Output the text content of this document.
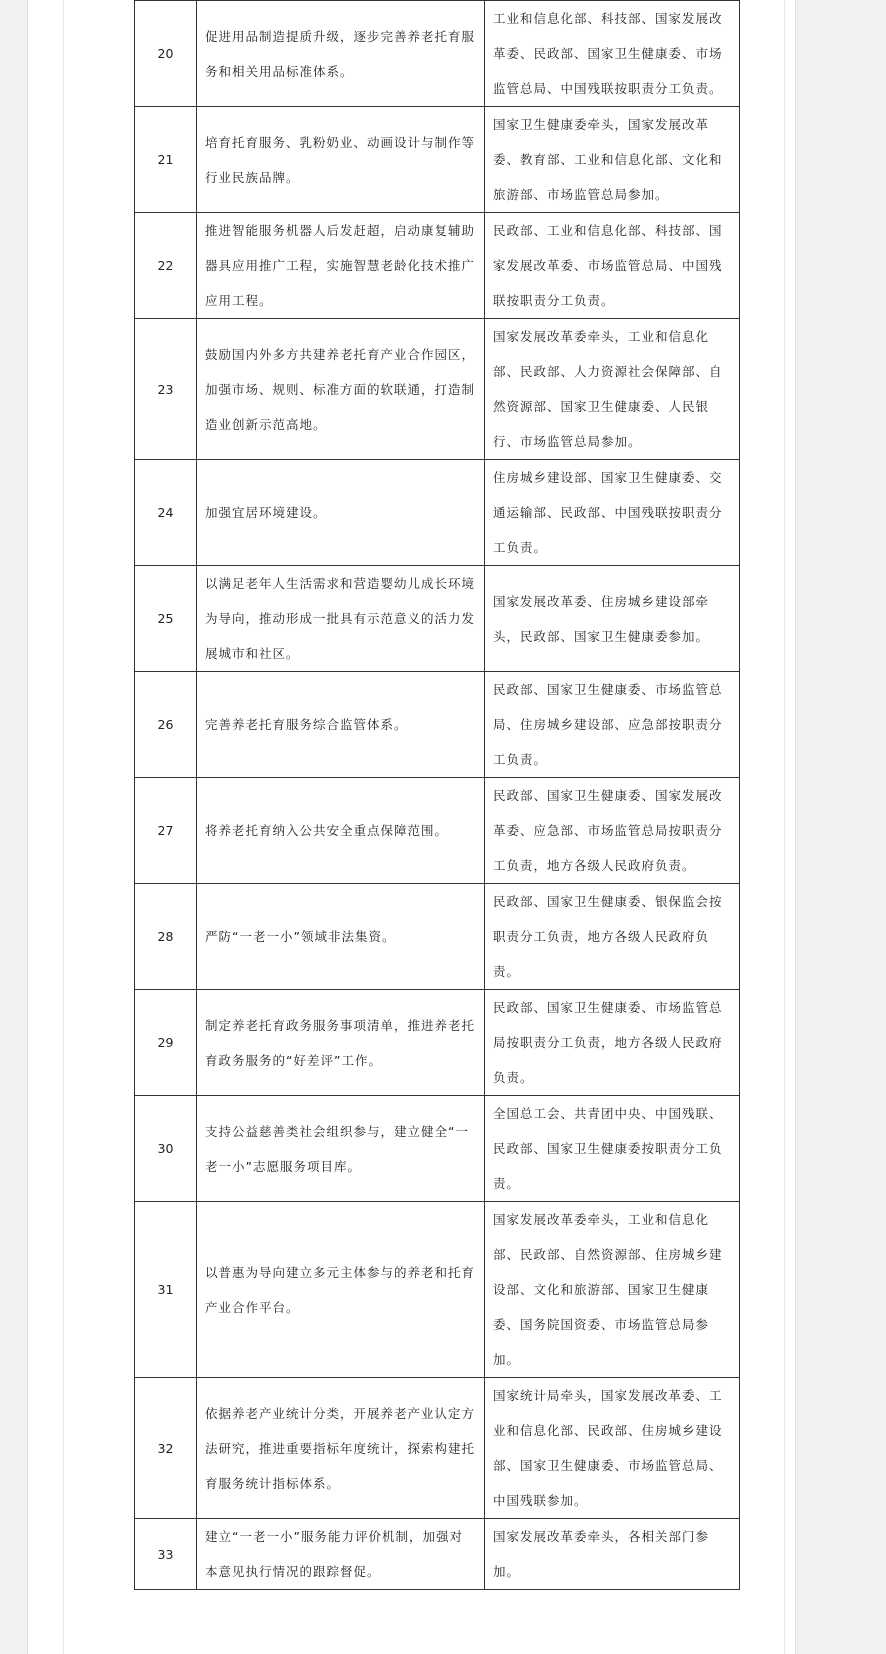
20	促进用品制造提质升级，逐步完善养老托育服务和相关用品标准体系。	工业和信息化部、科技部、国家发展改革委、民政部、国家卫生健康委、市场监管总局、中国残联按职责分工负责。
21	培育托育服务、乳粉奶业、动画设计与制作等行业民族品牌。	国家卫生健康委牵头，国家发展改革委、教育部、工业和信息化部、文化和旅游部、市场监管总局参加。
22	推进智能服务机器人后发赶超，启动康复辅助器具应用推广工程，实施智慧老龄化技术推广应用工程。	民政部、工业和信息化部、科技部、国家发展改革委、市场监管总局、中国残联按职责分工负责。
23	鼓励国内外多方共建养老托育产业合作园区，加强市场、规则、标准方面的软联通，打造制造业创新示范高地。	国家发展改革委牵头，工业和信息化部、民政部、人力资源社会保障部、自然资源部、国家卫生健康委、人民银行、市场监管总局参加。
24	加强宜居环境建设。	住房城乡建设部、国家卫生健康委、交通运输部、民政部、中国残联按职责分工负责。
25	以满足老年人生活需求和营造婴幼儿成长环境为导向，推动形成一批具有示范意义的活力发展城市和社区。	国家发展改革委、住房城乡建设部牵头，民政部、国家卫生健康委参加。
26	完善养老托育服务综合监管体系。	民政部、国家卫生健康委、市场监管总局、住房城乡建设部、应急部按职责分工负责。
27	将养老托育纳入公共安全重点保障范围。	民政部、国家卫生健康委、国家发展改革委、应急部、市场监管总局按职责分工负责，地方各级人民政府负责。
28	严防“一老一小”领域非法集资。	民政部、国家卫生健康委、银保监会按职责分工负责，地方各级人民政府负责。
29	制定养老托育政务服务事项清单，推进养老托育政务服务的“好差评”工作。	民政部、国家卫生健康委、市场监管总局按职责分工负责，地方各级人民政府负责。
30	支持公益慈善类社会组织参与，建立健全“一老一小”志愿服务项目库。	全国总工会、共青团中央、中国残联、民政部、国家卫生健康委按职责分工负责。
31	以普惠为导向建立多元主体参与的养老和托育产业合作平台。	国家发展改革委牵头，工业和信息化部、民政部、自然资源部、住房城乡建设部、文化和旅游部、国家卫生健康委、国务院国资委、市场监管总局参加。
32	依据养老产业统计分类，开展养老产业认定方法研究，推进重要指标年度统计，探索构建托育服务统计指标体系。	国家统计局牵头，国家发展改革委、工业和信息化部、民政部、住房城乡建设部、国家卫生健康委、市场监管总局、中国残联参加。
33	建立“一老一小”服务能力评价机制，加强对本意见执行情况的跟踪督促。	国家发展改革委牵头，各相关部门参加。
